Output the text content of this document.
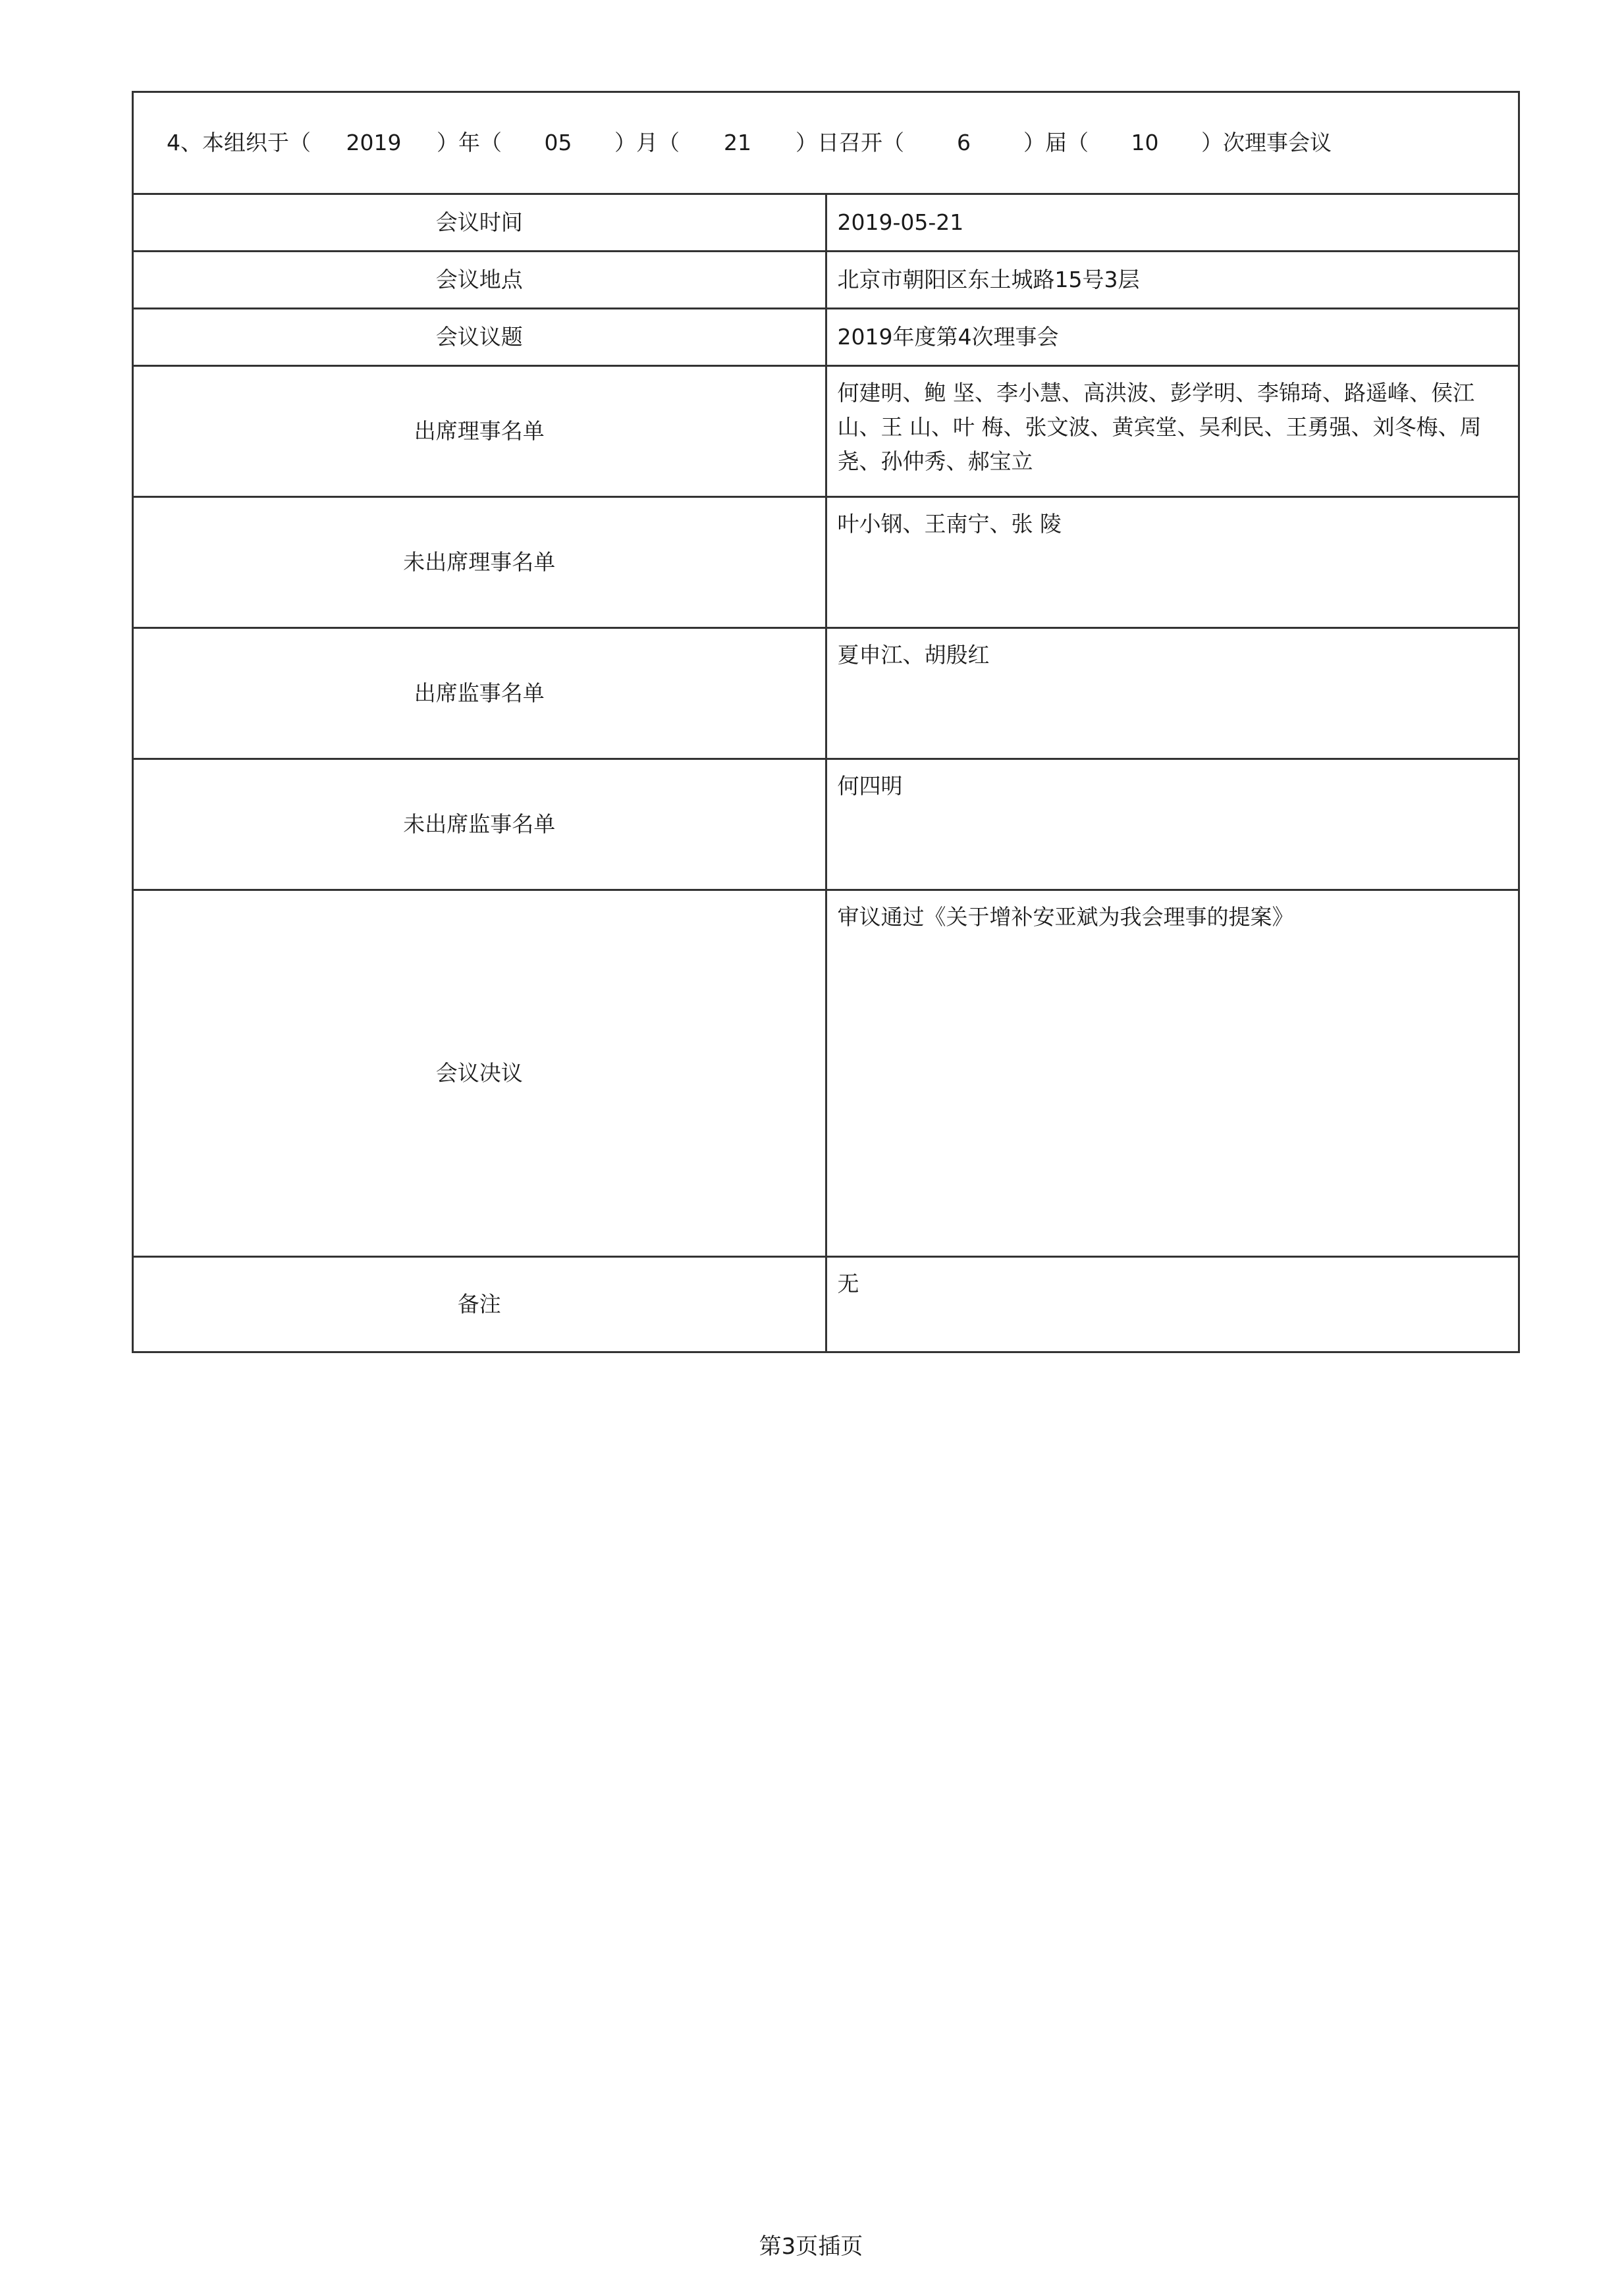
4、本组织于（ 2019 ）年（ 05 ）月（ 21 ）日召开（ 6 ）届（ 10 ）次理事会议	
会议时间	2019-05-21
会议地点	北京市朝阳区东土城路15号3层
会议议题	2019年度第4次理事会
出席理事名单	何建明、鲍 坚、李小慧、高洪波、彭学明、李锦琦、路遥峰、侯江山、王 山、叶 梅、张文波、黄宾堂、吴利民、王勇强、刘冬梅、周 尧、孙仲秀、郝宝立
未出席理事名单	叶小钢、王南宁、张 陵
出席监事名单	夏申江、胡殷红
未出席监事名单	何四明
会议决议	审议通过《关于增补安亚斌为我会理事的提案》
备注	无
第3页插页
